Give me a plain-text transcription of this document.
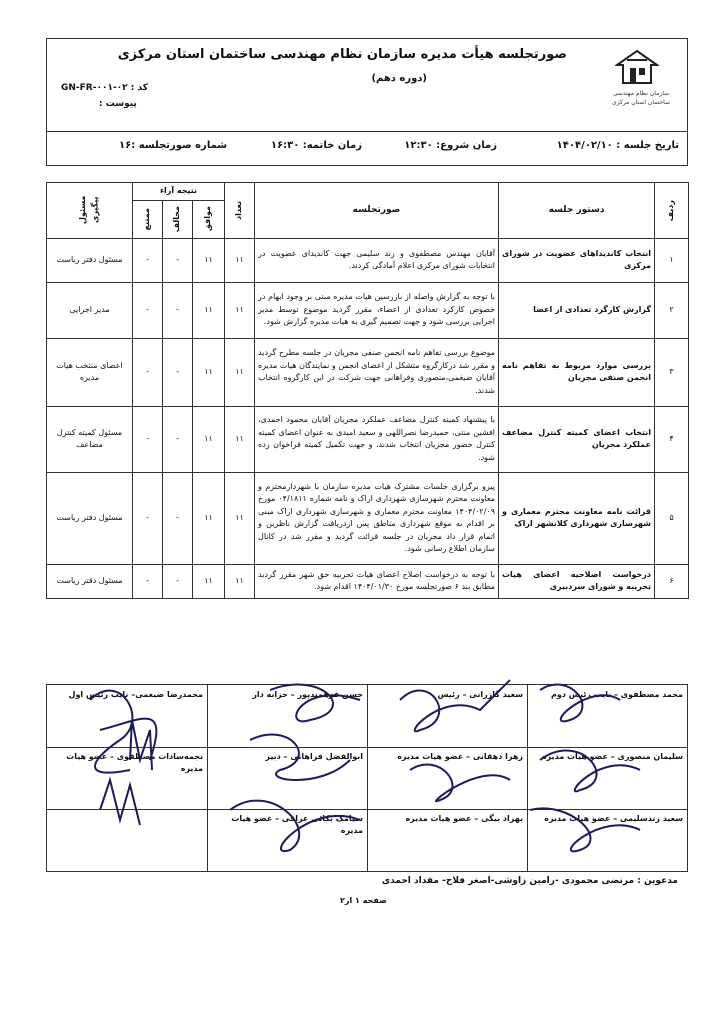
سازمان نظام مهندسی ساختمان استان مرکزی
صورتجلسه هیأت مدیره سازمان نظام مهندسی ساختمان استان مرکزی
(دوره دهم)
کد : GN-FR-۰۰۱-۰۲
پیوست :
تاریخ جلسه : ۱۴۰۴/۰۲/۱۰
زمان شروع: ۱۲:۳۰
زمان خاتمه: ۱۶:۳۰
شماره صورتجلسه :۱۶
ردیف	دستور جلسه	صورتجلسه	تعداد	نتیجه آراء			مسئول پیگیری

				موافق	مخالف	ممتنع	

۱	انتخاب کاندیداهای عضویت در شورای مرکزی	آقایان مهندس مصطفوی و زند سلیمی جهت کاندیدای عضویت در انتخابات شورای مرکزی اعلام آمادگی کردند.	۱۱	۱۱	-	-	مسئول دفتر ریاست
۲	گزارش کارگرد تعدادی از اعضا	با توجه به گزارش واصله از بازرسین هیات مدیره مبنی بر وجود ابهام در خصوص کارکرد تعدادی از اعضاء، مقرر گردید موضوع توسط مدیر اجرایی بررسی شود و جهت تصمیم گیری به هیات مدیره گزارش شود.	۱۱	۱۱	-	-	مدیر اجرایی
۳	بررسی موارد مربوط به تفاهم نامه انجمن صنفی مجریان	موضوع بررسی تفاهم نامه انجمن صنفی مجریان در جلسه مطرح گردید و مقرر شد درکارگروه متشکل از اعضای انجمن و نمایندگان هیات مدیره آقایان ضیغمی،منصوری وفراهانی جهت شرکت در این کارگروه انتخاب شدند.	۱۱	۱۱	-	-	اعضای منتخب هیات مدیره
۴	انتخاب اعضای کمیته کنترل مضاعف عملکرد مجریان	با پیشنهاد کمیته کنترل مضاعف عملکرد مجریان آقایان محمود احمدی، افشین منتی، حمیدرضا نصراللهی و سعید امیدی به عنوان اعضای کمیته کنترل حضور مجریان انتخاب شدند، و جهت تکمیل کمیته فراخوان زده شود.	۱۱	۱۱	-	-	مسئول کمیته کنترل مضاعف
۵	قرائت نامه معاونت محترم معماری و شهرسازی شهرداری کلانشهر اراک	پیرو برگزاری جلسات مشترک هیات مدیره سازمان با شهردارمحترم و معاونت محترم شهرسازی شهرداری اراک و نامه شماره ۰۴/۱۸۱۱ مورخ ۱۴۰۴/۰۲/۰۹ معاونت محترم معماری و شهرسازی شهرداری اراک مبنی بر اقدام به موقع شهرداری مناطق پس ازدریافت گزارش ناظرین و اتمام قرار داد مجریان در جلسه قرائت گردید و مقرر شد در کانال سازمان اطلاع رسانی شود.	۱۱	۱۱	-	-	مسئول دفتر ریاست
۶	درخواست اصلاحیه اعضای هیات تجریبه و شورای سردبیری	با توجه به درخواست اصلاح اعضای هیات تجربیه حق شهر مقرر گردید مطابق بند ۶ صورتجلسه مورخ ۱۴۰۴/۰۱/۳۰ اقدام شود.	۱۱	۱۱	-	-	مسئول دفتر ریاست
محمد مصطفوی – نایب رئیس دوم
سعید گازرانی – رئیس
حسن فرهمندپور – خزانه دار
محمدرضا ضیغمی– نایب رئیس اول
سلیمان منصوری – عضو هیات مدیره
زهرا دهقانی – عضو هیات مدیره
ابوالفضل فراهانی – دبیر
نجمه‌سادات مصطفوی – عضو هیات مدیره
سعید زندسلیمی – عضو هیات مدیره
بهزاد بیگی – عضو هیات مدیره
سیامک بکائی عراقی – عضو هیات مدیره
مدعوین : مرتضی محمودی -رامین زاوشی-اصغر فلاح- مقداد احمدی
صفحه ۱ از۲
